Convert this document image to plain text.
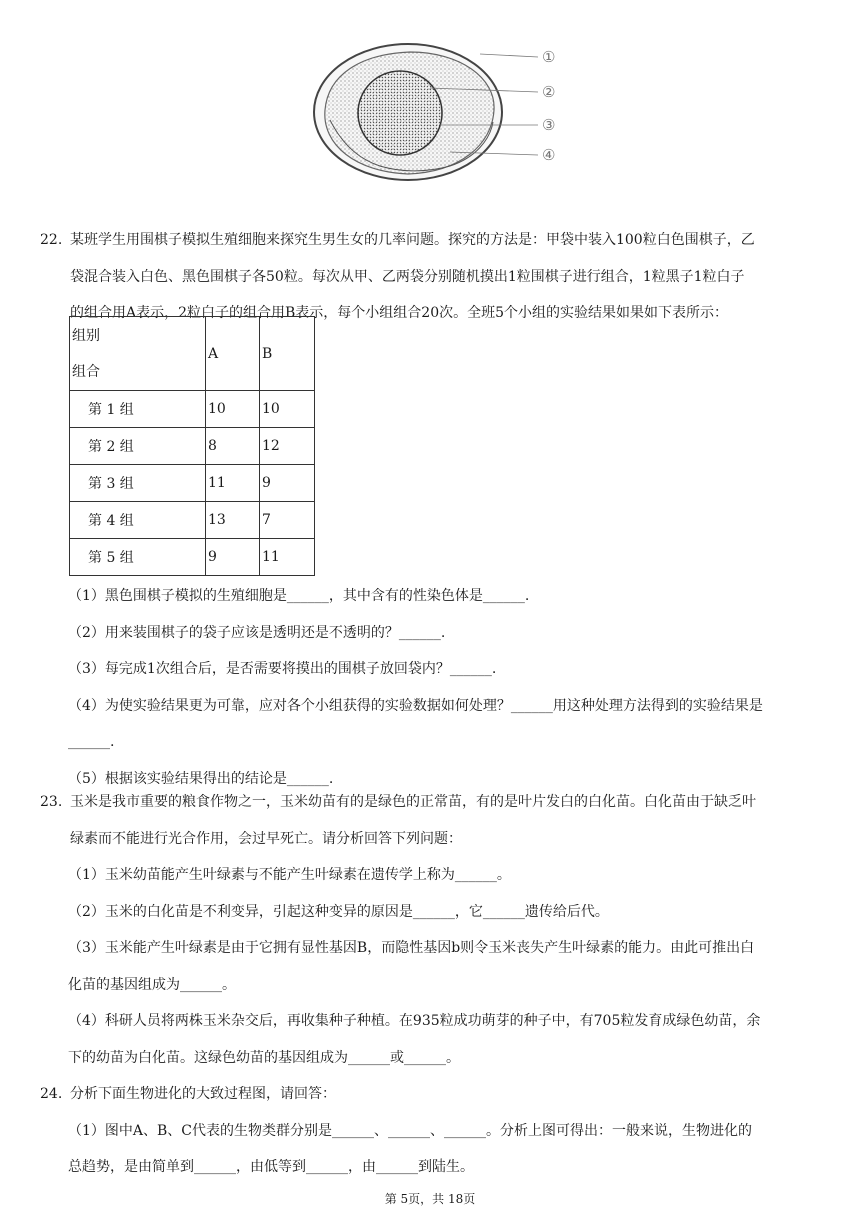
①
②
③
④
22. 某班学生用围棋子模拟生殖细胞来探究生男生女的几率问题。探究的方法是：甲袋中装入100粒白色围棋子，乙
袋混合装入白色、黑色围棋子各50粒。每次从甲、乙两袋分别随机摸出1粒围棋子进行组合，1粒黑子1粒白子
的组合用A表示，2粒白子的组合用B表示，每个小组组合20次。全班5个小组的实验结果如果如下表所示：
组别
组合	A	B
第 1 组	10	10
第 2 组	8	12
第 3 组	11	9
第 4 组	13	7
第 5 组	9	11
（1）黑色围棋子模拟的生殖细胞是______，其中含有的性染色体是______.
（2）用来装围棋子的袋子应该是透明还是不透明的？______.
（3）每完成1次组合后，是否需要将摸出的围棋子放回袋内？______.
（4）为使实验结果更为可靠，应对各个小组获得的实验数据如何处理？______用这种处理方法得到的实验结果是
______.
（5）根据该实验结果得出的结论是______.
23. 玉米是我市重要的粮食作物之一，玉米幼苗有的是绿色的正常苗，有的是叶片发白的白化苗。白化苗由于缺乏叶
绿素而不能进行光合作用，会过早死亡。请分析回答下列问题：
（1）玉米幼苗能产生叶绿素与不能产生叶绿素在遗传学上称为______。
（2）玉米的白化苗是不利变异，引起这种变异的原因是______，它______遗传给后代。
（3）玉米能产生叶绿素是由于它拥有显性基因B，而隐性基因b则令玉米丧失产生叶绿素的能力。由此可推出白
化苗的基因组成为______。
（4）科研人员将两株玉米杂交后，再收集种子种植。在935粒成功萌芽的种子中，有705粒发育成绿色幼苗，余
下的幼苗为白化苗。这绿色幼苗的基因组成为______或______。
24. 分析下面生物进化的大致过程图，请回答：
（1）图中A、B、C代表的生物类群分别是______、______、______。分析上图可得出：一般来说，生物进化的
总趋势，是由简单到______，由低等到______，由______到陆生。
第 5页，共 18页
